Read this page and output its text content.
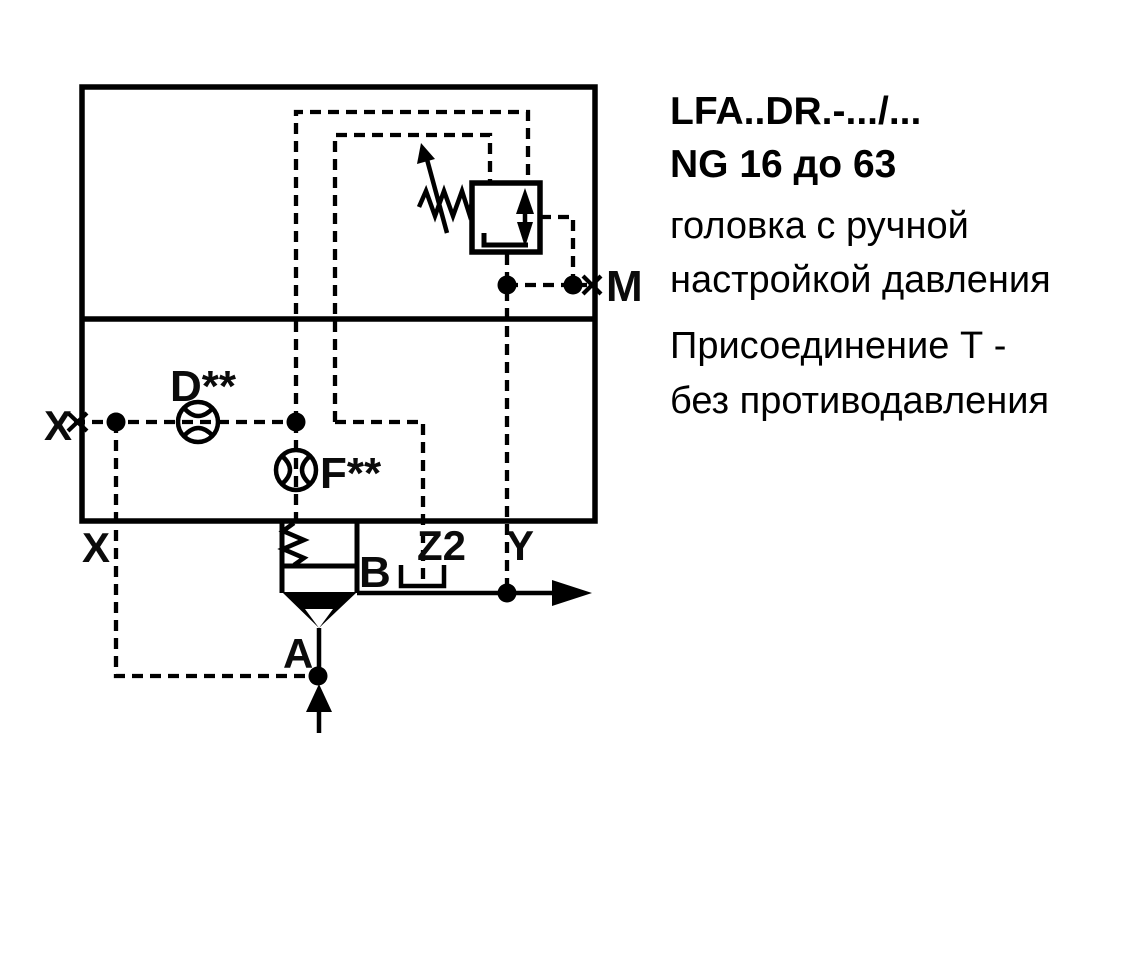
X
X
D**
F**
M
Z2 Y
B
A
LFA..DR.-.../...
NG 16 до 63
головка с ручной
настройкой давления
Присоединение Т -
без противодавления
